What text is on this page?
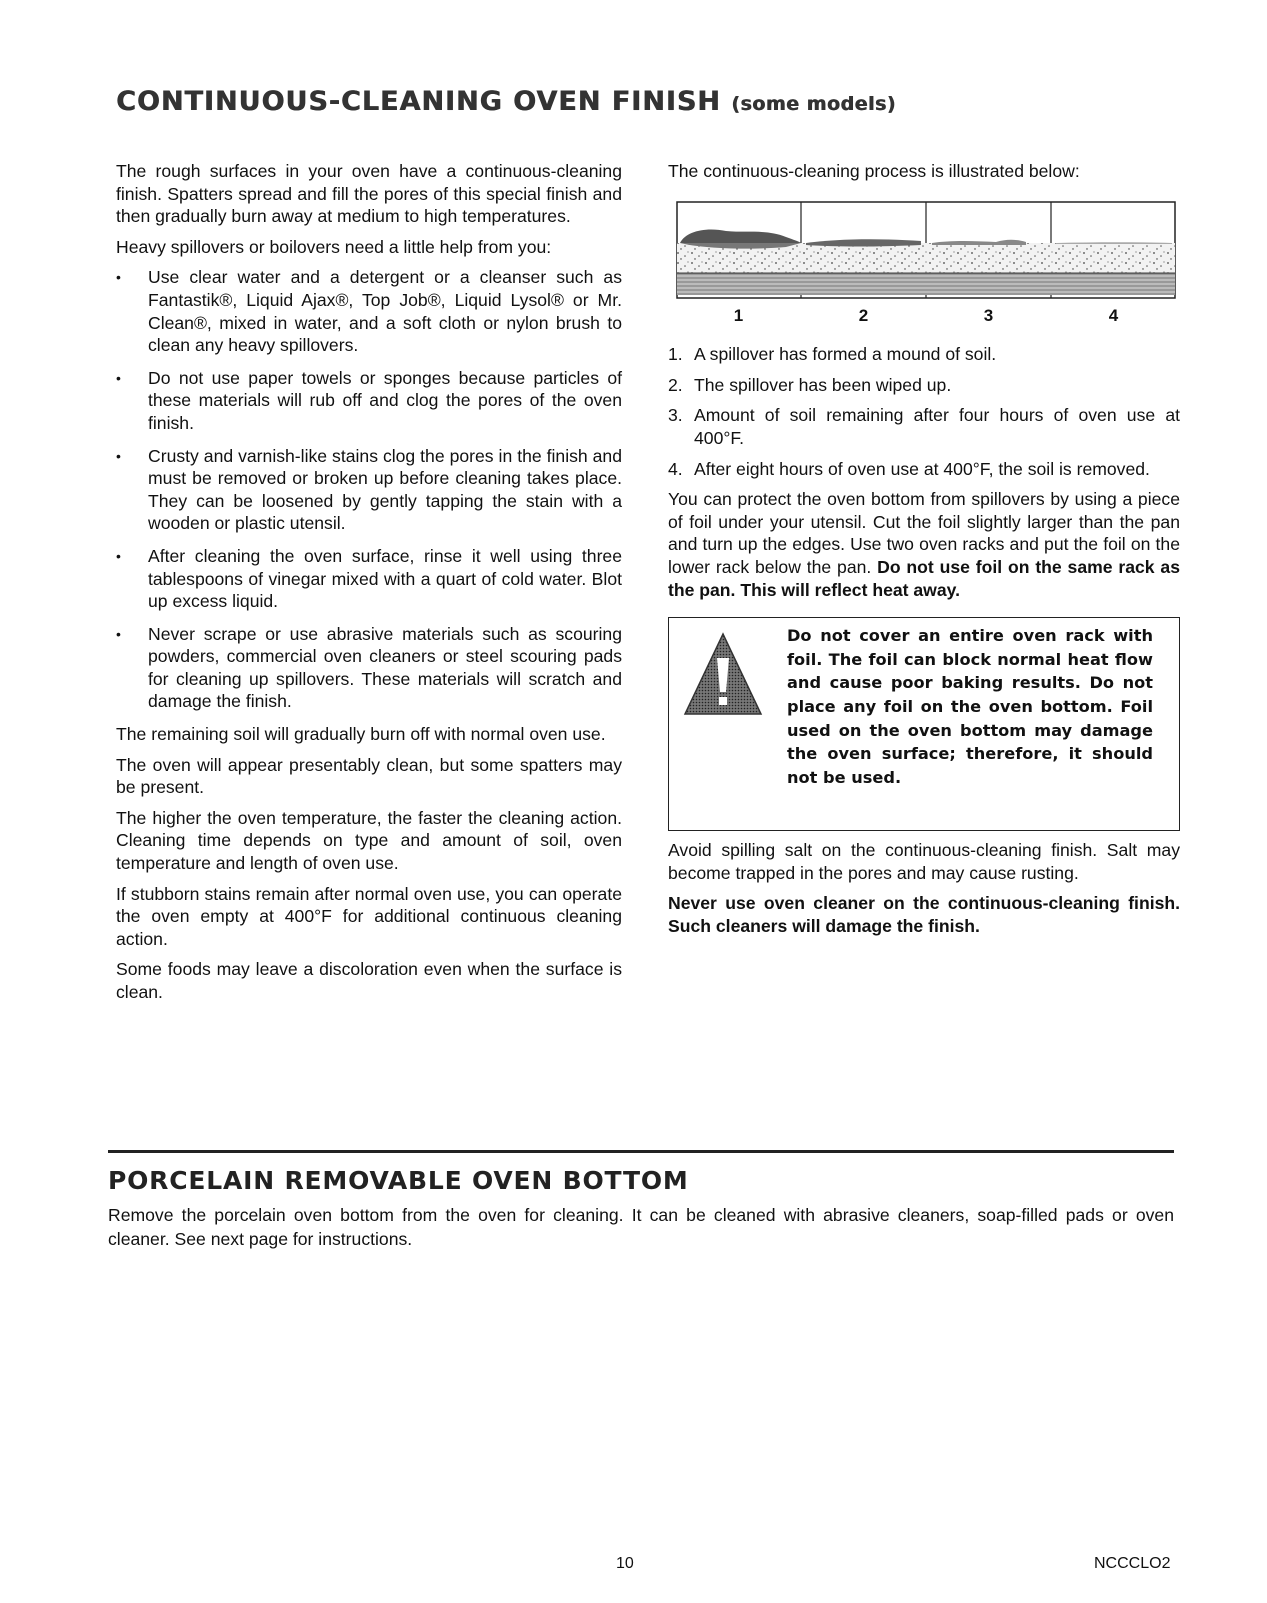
CONTINUOUS-CLEANING OVEN FINISH (some models)

The rough surfaces in your oven have a continuous-cleaning finish. Spatters spread and fill the pores of this special finish and then gradually burn away at medium to high temperatures.

Heavy spillovers or boilovers need a little help from you:

• Use clear water and a detergent or a cleanser such as Fantastik®, Liquid Ajax®, Top Job®, Liquid Lysol® or Mr. Clean®, mixed in water, and a soft cloth or nylon brush to clean any heavy spillovers.
• Do not use paper towels or sponges because particles of these materials will rub off and clog the pores of the oven finish.
• Crusty and varnish-like stains clog the pores in the finish and must be removed or broken up before cleaning takes place. They can be loosened by gently tapping the stain with a wooden or plastic utensil.
• After cleaning the oven surface, rinse it well using three tablespoons of vinegar mixed with a quart of cold water. Blot up excess liquid.
• Never scrape or use abrasive materials such as scouring powders, commercial oven cleaners or steel scouring pads for cleaning up spillovers. These materials will scratch and damage the finish.

The remaining soil will gradually burn off with normal oven use.

The oven will appear presentably clean, but some spatters may be present.

The higher the oven temperature, the faster the cleaning action. Cleaning time depends on type and amount of soil, oven temperature and length of oven use.

If stubborn stains remain after normal oven use, you can operate the oven empty at 400°F for additional continuous cleaning action.

Some foods may leave a discoloration even when the surface is clean.

The continuous-cleaning process is illustrated below:

1	2	3	4
1. A spillover has formed a mound of soil.
2. The spillover has been wiped up.
3. Amount of soil remaining after four hours of oven use at 400°F.
4. After eight hours of oven use at 400°F, the soil is removed.

You can protect the oven bottom from spillovers by using a piece of foil under your utensil. Cut the foil slightly larger than the pan and turn up the edges. Use two oven racks and put the foil on the lower rack below the pan. Do not use foil on the same rack as the pan. This will reflect heat away.

Do not cover an entire oven rack with foil. The foil can block normal heat flow and cause poor baking results. Do not place any foil on the oven bottom. Foil used on the oven bottom may damage the oven surface; therefore, it should not be used.

Avoid spilling salt on the continuous-cleaning finish. Salt may become trapped in the pores and may cause rusting.

Never use oven cleaner on the continuous-cleaning finish. Such cleaners will damage the finish.

PORCELAIN REMOVABLE OVEN BOTTOM

Remove the porcelain oven bottom from the oven for cleaning. It can be cleaned with abrasive cleaners, soap-filled pads or oven cleaner. See next page for instructions.

10	NCCCLO2
